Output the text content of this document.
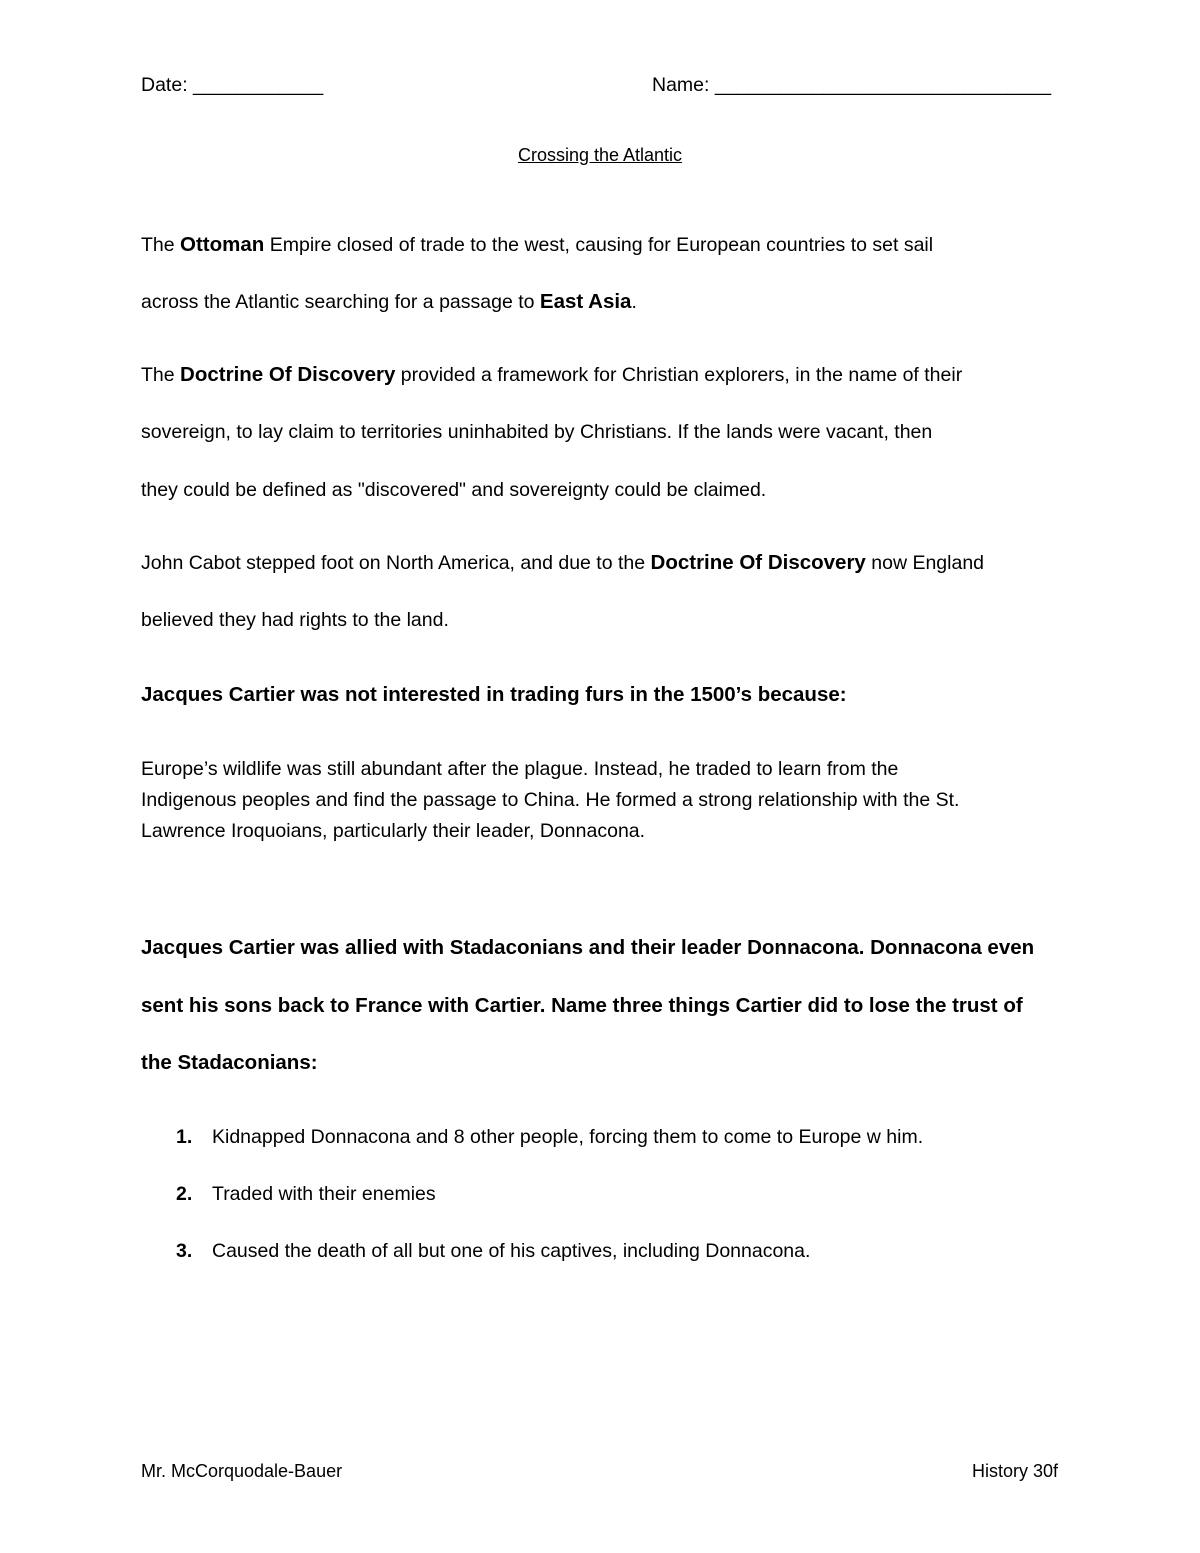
Date: ____________	Name: _______________________________
Crossing the Atlantic
The Ottoman Empire closed of trade to the west, causing for European countries to set sail
across the Atlantic searching for a passage to East Asia.
The Doctrine Of Discovery provided a framework for Christian explorers, in the name of their
sovereign, to lay claim to territories uninhabited by Christians. If the lands were vacant, then
they could be defined as "discovered" and sovereignty could be claimed.
John Cabot stepped foot on North America, and due to the Doctrine Of Discovery now England
believed they had rights to the land.
Jacques Cartier was not interested in trading furs in the 1500’s because:
Europe’s wildlife was still abundant after the plague. Instead, he traded to learn from the
Indigenous peoples and find the passage to China. He formed a strong relationship with the St.
Lawrence Iroquoians, particularly their leader, Donnacona.
Jacques Cartier was allied with Stadaconians and their leader Donnacona. Donnacona even
sent his sons back to France with Cartier. Name three things Cartier did to lose the trust of
the Stadaconians:
1. Kidnapped Donnacona and 8 other people, forcing them to come to Europe w him.
2. Traded with their enemies
3. Caused the death of all but one of his captives, including Donnacona.
Mr. McCorquodale-Bauer	History 30f
